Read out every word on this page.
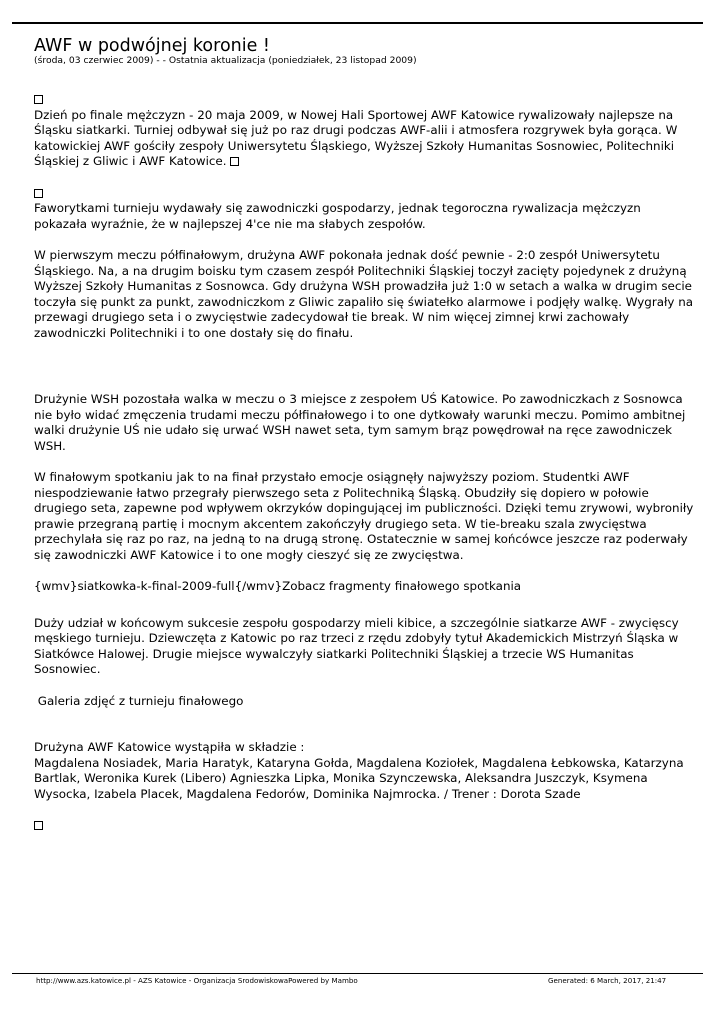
AWF w podwójnej koronie !
(środa, 03 czerwiec 2009) - - Ostatnia aktualizacja (poniedziałek, 23 listopad 2009)

Dzień po finale mężczyzn - 20 maja 2009, w Nowej Hali Sportowej AWF Katowice rywalizowały najlepsze na Śląsku siatkarki. Turniej odbywał się już po raz drugi podczas AWF-alii i atmosfera rozgrywek była gorąca. W katowickiej AWF gościły zespoły Uniwersytetu Śląskiego, Wyższej Szkoły Humanitas Sosnowiec, Politechniki Śląskiej z Gliwic i AWF Katowice.

Faworytkami turnieju wydawały się zawodniczki gospodarzy, jednak tegoroczna rywalizacja mężczyzn pokazała wyraźnie, że w najlepszej 4'ce nie ma słabych zespołów.

W pierwszym meczu półfinałowym, drużyna AWF pokonała jednak dość pewnie - 2:0 zespół Uniwersytetu Śląskiego. Na, a na drugim boisku tym czasem zespół Politechniki Śląskiej toczył zacięty pojedynek z drużyną Wyższej Szkoły Humanitas z Sosnowca. Gdy drużyna WSH prowadziła już 1:0 w setach a walka w drugim secie toczyła się punkt za punkt, zawodniczkom z Gliwic zapaliło się światełko alarmowe i podjęły walkę. Wygrały na przewagi drugiego seta i o zwycięstwie zadecydował tie break. W nim więcej zimnej krwi zachowały zawodniczki Politechniki i to one dostały się do finału.

Drużynie WSH pozostała walka w meczu o 3 miejsce z zespołem UŚ Katowice. Po zawodniczkach z Sosnowca nie było widać zmęczenia trudami meczu półfinałowego i to one dytkowały warunki meczu. Pomimo ambitnej walki drużynie UŚ nie udało się urwać WSH nawet seta, tym samym brąz powędrował na ręce zawodniczek WSH.

W finałowym spotkaniu jak to na finał przystało emocje osiągnęły najwyższy poziom. Studentki AWF niespodziewanie łatwo przegrały pierwszego seta z Politechniką Śląską. Obudziły się dopiero w połowie drugiego seta, zapewne pod wpływem okrzyków dopingującej im publiczności. Dzięki temu zrywowi, wybroniły prawie przegraną partię i mocnym akcentem zakończyły drugiego seta. W tie-breaku szala zwycięstwa przechylała się raz po raz, na jedną to na drugą stronę. Ostatecznie w samej końcówce jeszcze raz poderwały się zawodniczki AWF Katowice i to one mogły cieszyć się ze zwycięstwa.

{wmv}siatkowka-k-final-2009-full{/wmv}Zobacz fragmenty finałowego spotkania

Duży udział w końcowym sukcesie zespołu gospodarzy mieli kibice, a szczególnie siatkarze AWF - zwycięscy męskiego turnieju. Dziewczęta z Katowic po raz trzeci z rzędu zdobyły tytuł Akademickich Mistrzyń Śląska w Siatkówce Halowej. Drugie miejsce wywalczyły siatkarki Politechniki Śląskiej a trzecie WS Humanitas Sosnowiec.

Galeria zdjęć z turnieju finałowego

Drużyna AWF Katowice wystąpiła w składzie :

Magdalena Nosiadek, Maria Haratyk, Kataryna Gołda, Magdalena Koziołek, Magdalena Łebkowska, Katarzyna Bartlak, Weronika Kurek (Libero) Agnieszka Lipka, Monika Szynczewska, Aleksandra Juszczyk, Ksymena Wysocka, Izabela Placek, Magdalena Fedorów, Dominika Najmrocka. / Trener : Dorota Szade

http://www.azs.katowice.pl - AZS Katowice - Organizacja SrodowiskowaPowered by Mambo	Generated: 6 March, 2017, 21:47
